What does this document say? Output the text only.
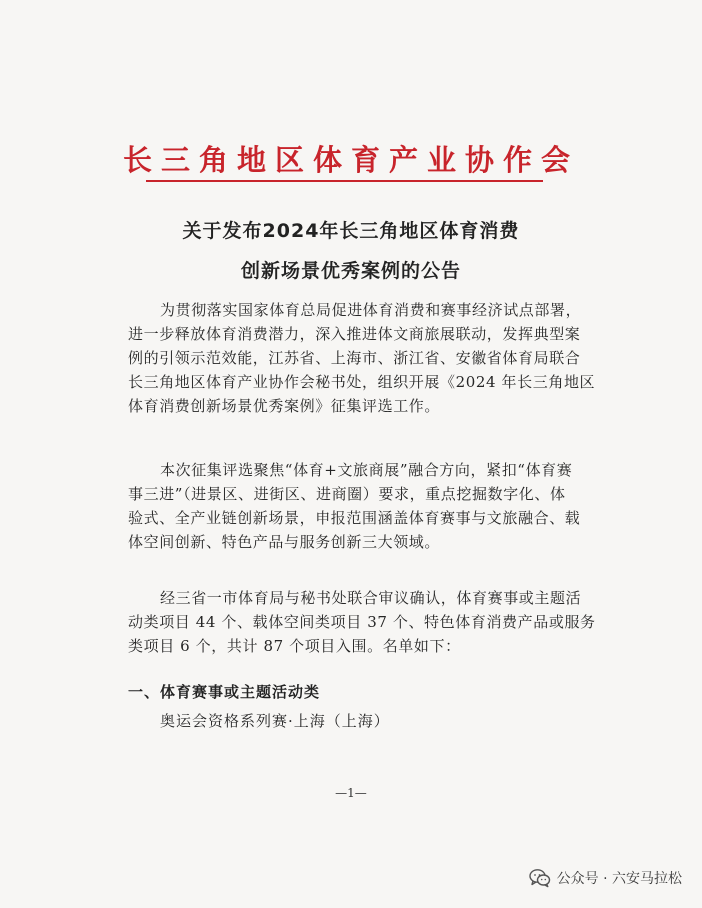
长三角地区体育产业协作会
关于发布2024年长三角地区体育消费
创新场景优秀案例的公告
为贯彻落实国家体育总局促进体育消费和赛事经济试点部署，
进一步释放体育消费潜力，深入推进体文商旅展联动，发挥典型案
例的引领示范效能，江苏省、上海市、浙江省、安徽省体育局联合
长三角地区体育产业协作会秘书处，组织开展《2024 年长三角地区
体育消费创新场景优秀案例》征集评选工作。
本次征集评选聚焦“体育+文旅商展”融合方向，紧扣“体育赛
事三进”（进景区、进街区、进商圈）要求，重点挖掘数字化、体
验式、全产业链创新场景，申报范围涵盖体育赛事与文旅融合、载
体空间创新、特色产品与服务创新三大领域。
经三省一市体育局与秘书处联合审议确认，体育赛事或主题活
动类项目 44 个、载体空间类项目 37 个、特色体育消费产品或服务
类项目 6 个，共计 87 个项目入围。名单如下：
一、体育赛事或主题活动类
奥运会资格系列赛·上海（上海）
—1—
公众号 · 六安马拉松
